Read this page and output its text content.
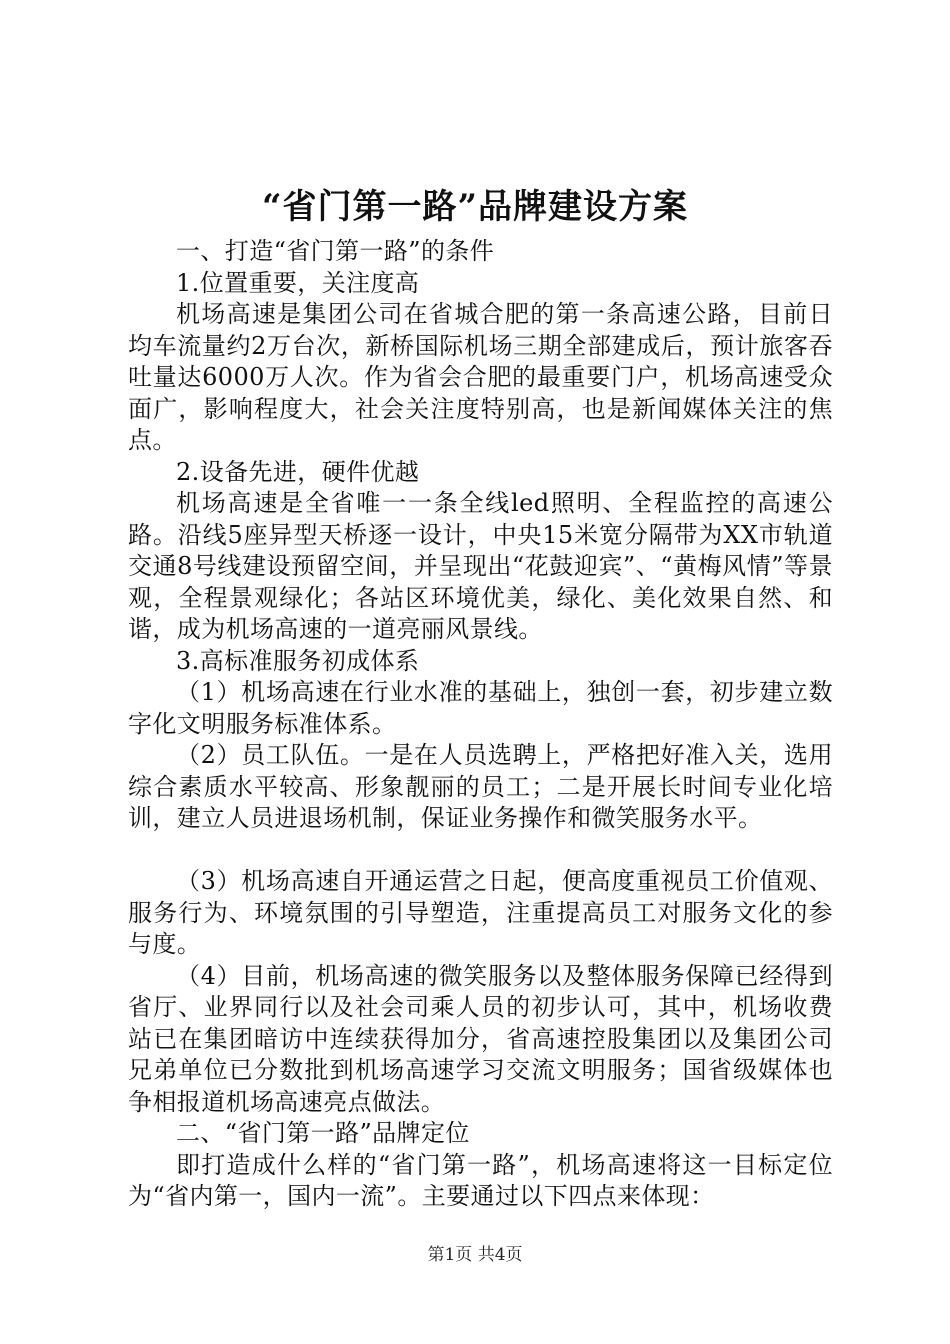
“省门第一路”品牌建设方案

一、打造“省门第一路”的条件

1.位置重要，关注度高

机场高速是集团公司在省城合肥的第一条高速公路，目前日均车流量约2万台次，新桥国际机场三期全部建成后，预计旅客吞吐量达6000万人次。作为省会合肥的最重要门户，机场高速受众面广，影响程度大，社会关注度特别高，也是新闻媒体关注的焦点。

2.设备先进，硬件优越

机场高速是全省唯一一条全线led照明、全程监控的高速公路。沿线5座异型天桥逐一设计，中央15米宽分隔带为XX市轨道交通8号线建设预留空间，并呈现出“花鼓迎宾”、“黄梅风情”等景观，全程景观绿化；各站区环境优美，绿化、美化效果自然、和谐，成为机场高速的一道亮丽风景线。

3.高标准服务初成体系

（1）机场高速在行业水准的基础上，独创一套，初步建立数字化文明服务标准体系。

（2）员工队伍。一是在人员选聘上，严格把好准入关，选用综合素质水平较高、形象靓丽的员工；二是开展长时间专业化培训，建立人员进退场机制，保证业务操作和微笑服务水平。

（3）机场高速自开通运营之日起，便高度重视员工价值观、服务行为、环境氛围的引导塑造，注重提高员工对服务文化的参与度。

（4）目前，机场高速的微笑服务以及整体服务保障已经得到省厅、业界同行以及社会司乘人员的初步认可，其中，机场收费站已在集团暗访中连续获得加分，省高速控股集团以及集团公司兄弟单位已分数批到机场高速学习交流文明服务；国省级媒体也争相报道机场高速亮点做法。

二、“省门第一路”品牌定位

即打造成什么样的“省门第一路”，机场高速将这一目标定位为“省内第一，国内一流”。主要通过以下四点来体现：

第1页 共4页
